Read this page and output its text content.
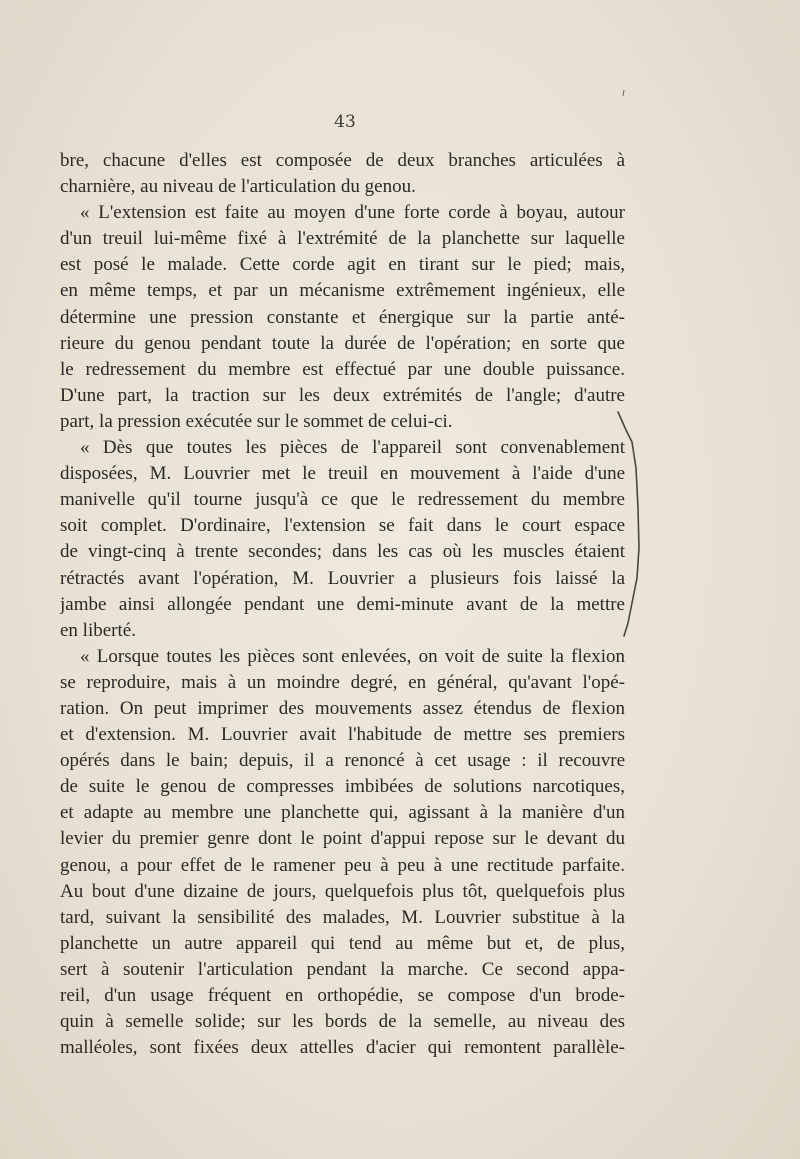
43
bre, chacune d'elles est composée de deux branches articulées à
charnière, au niveau de l'articulation du genou.
« L'extension est faite au moyen d'une forte corde à boyau, autour
d'un treuil lui-même fixé à l'extrémité de la planchette sur laquelle
est posé le malade. Cette corde agit en tirant sur le pied; mais,
en même temps, et par un mécanisme extrêmement ingénieux, elle
détermine une pression constante et énergique sur la partie anté-
rieure du genou pendant toute la durée de l'opération; en sorte que
le redressement du membre est effectué par une double puissance.
D'une part, la traction sur les deux extrémités de l'angle; d'autre
part, la pression exécutée sur le sommet de celui-ci.
« Dès que toutes les pièces de l'appareil sont convenablement
disposées, M. Louvrier met le treuil en mouvement à l'aide d'une
manivelle qu'il tourne jusqu'à ce que le redressement du membre
soit complet. D'ordinaire, l'extension se fait dans le court espace
de vingt-cinq à trente secondes; dans les cas où les muscles étaient
rétractés avant l'opération, M. Louvrier a plusieurs fois laissé la
jambe ainsi allongée pendant une demi-minute avant de la mettre
en liberté.
« Lorsque toutes les pièces sont enlevées, on voit de suite la flexion
se reproduire, mais à un moindre degré, en général, qu'avant l'opé-
ration. On peut imprimer des mouvements assez étendus de flexion
et d'extension. M. Louvrier avait l'habitude de mettre ses premiers
opérés dans le bain; depuis, il a renoncé à cet usage : il recouvre
de suite le genou de compresses imbibées de solutions narcotiques,
et adapte au membre une planchette qui, agissant à la manière d'un
levier du premier genre dont le point d'appui repose sur le devant du
genou, a pour effet de le ramener peu à peu à une rectitude parfaite.
Au bout d'une dizaine de jours, quelquefois plus tôt, quelquefois plus
tard, suivant la sensibilité des malades, M. Louvrier substitue à la
planchette un autre appareil qui tend au même but et, de plus,
sert à soutenir l'articulation pendant la marche. Ce second appa-
reil, d'un usage fréquent en orthopédie, se compose d'un brode-
quin à semelle solide; sur les bords de la semelle, au niveau des
malléoles, sont fixées deux attelles d'acier qui remontent parallèle-
